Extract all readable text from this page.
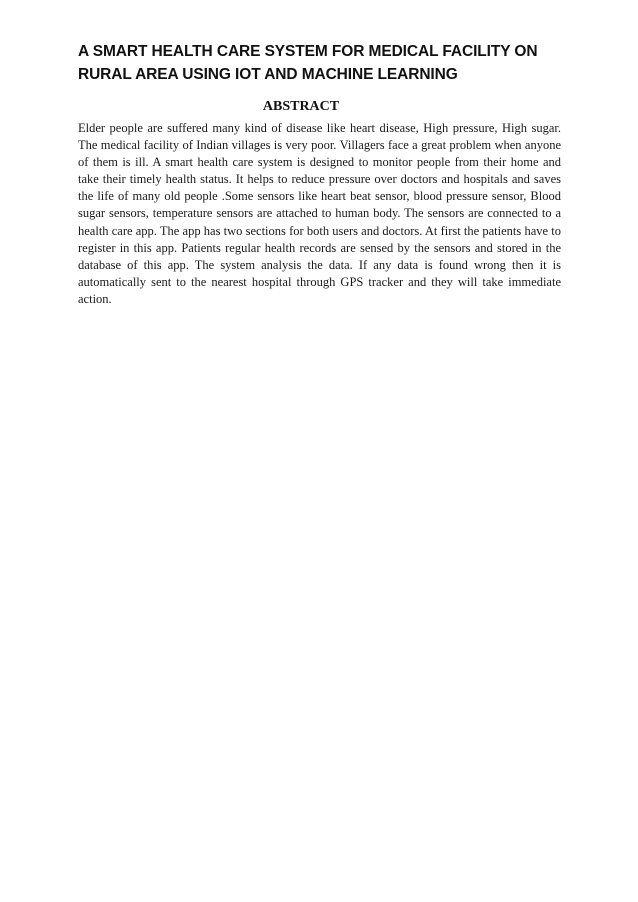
A SMART HEALTH CARE SYSTEM FOR MEDICAL FACILITY ON RURAL AREA USING IOT AND MACHINE LEARNING
ABSTRACT

Elder people are suffered many kind of disease like heart disease, High pressure, High sugar. The medical facility of Indian villages is very poor. Villagers face a great problem when anyone of them is ill. A smart health care system is designed to monitor people from their home and take their timely health status. It helps to reduce pressure over doctors and hospitals and saves the life of many old people .Some sensors like heart beat sensor, blood pressure sensor, Blood sugar sensors, temperature sensors are attached to human body. The sensors are connected to a health care app. The app has two sections for both users and doctors. At first the patients have to register in this app. Patients regular health records are sensed by the sensors and stored in the database of this app. The system analysis the data. If any data is found wrong then it is automatically sent to the nearest hospital through GPS tracker and they will take immediate action.
